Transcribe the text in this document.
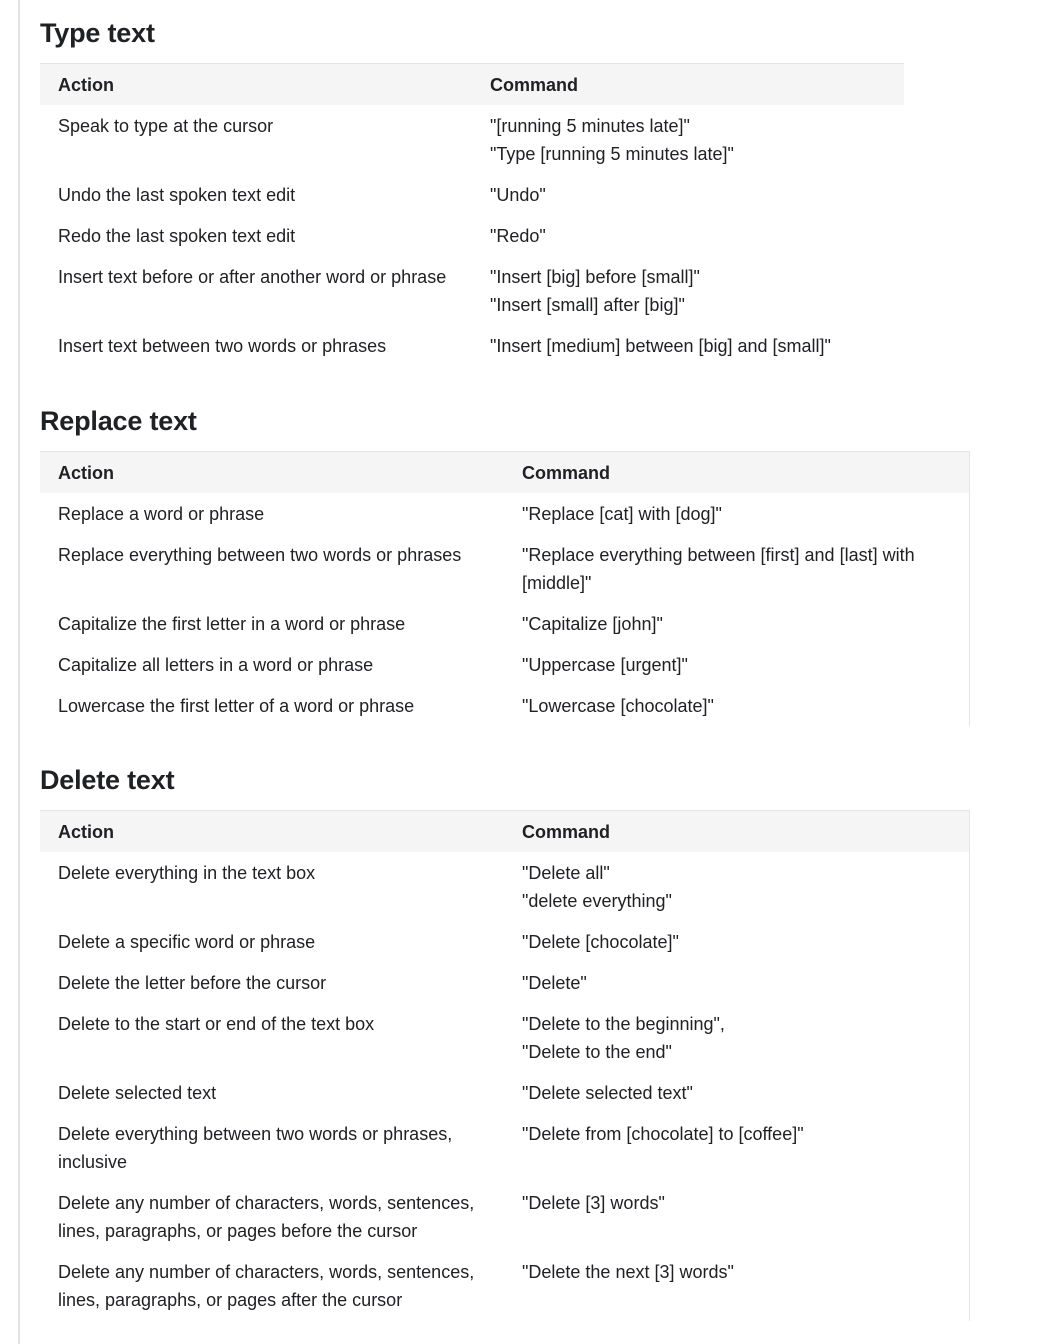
Type text
Action	Command
Speak to type at the cursor	"[running 5 minutes late]"
"Type [running 5 minutes late]"

Undo the last spoken text edit	"Undo"

Redo the last spoken text edit	"Redo"

Insert text before or after another word or phrase	"Insert [big] before [small]"
"Insert [small] after [big]"

Insert text between two words or phrases	"Insert [medium] between [big] and [small]"
Replace text
Action	Command
Replace a word or phrase	"Replace [cat] with [dog]"

Replace everything between two words or phrases	"Replace everything between [first] and [last] with [middle]"

Capitalize the first letter in a word or phrase	"Capitalize [john]"

Capitalize all letters in a word or phrase	"Uppercase [urgent]"

Lowercase the first letter of a word or phrase	"Lowercase [chocolate]"
Delete text
Action	Command
Delete everything in the text box	"Delete all"
"delete everything"

Delete a specific word or phrase	"Delete [chocolate]"

Delete the letter before the cursor	"Delete"

Delete to the start or end of the text box	"Delete to the beginning",
"Delete to the end"

Delete selected text	"Delete selected text"

Delete everything between two words or phrases, inclusive	"Delete from [chocolate] to [coffee]"

Delete any number of characters, words, sentences, lines, paragraphs, or pages before the cursor	"Delete [3] words"

Delete any number of characters, words, sentences, lines, paragraphs, or pages after the cursor	"Delete the next [3] words"
